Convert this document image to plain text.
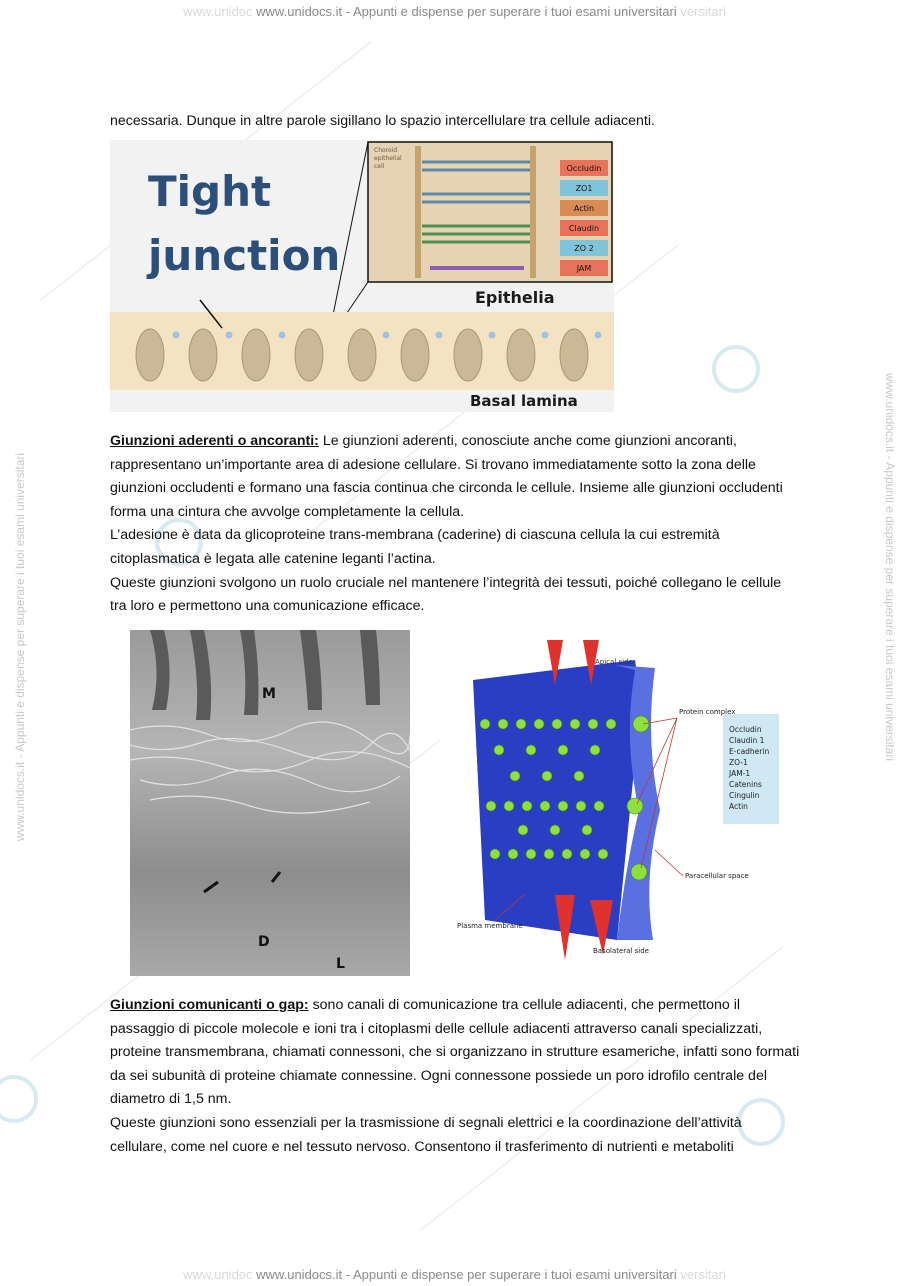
www.unidoc www.unidocs.it - Appunti e dispense per superare i tuoi esami universitari versitari
www.unidocs.it - Appunti e dispense per superare i tuoi esami universitari	www.unidocs.it - Appunti e dispense per superare i tuoi esami universitari

necessaria. Dunque in altre parole sigillano lo spazio intercellulare tra cellule adiacenti.

Tight
junction
Choroid
epithelial
cell	Occludin
ZO1
Actin
Claudin
ZO 2
JAM
Epithelia
Basal lamina

Giunzioni aderenti o ancoranti: Le giunzioni aderenti, conosciute anche come giunzioni ancoranti, rappresentano un’importante area di adesione cellulare. Si trovano immediatamente sotto la zona delle giunzioni occludenti e formano una fascia continua che circonda le cellule. Insieme alle giunzioni occludenti forma una cintura che avvolge completamente la cellula.

L’adesione è data da glicoproteine trans-membrana (caderine) di ciascuna cellula la cui estremità citoplasmatica è legata alle catenine leganti l’actina.

Queste giunzioni svolgono un ruolo cruciale nel mantenere l’integrità dei tessuti, poiché collegano le cellule tra loro e permettono una comunicazione efficace.

M
D
L
Apical side
Protein complex
Occludin
Claudin 1
E-cadherin
ZO-1
JAM-1
Catenins
Cingulin
Actin
Paracellular space
Plasma membrane
Basolateral side

Giunzioni comunicanti o gap: sono canali di comunicazione tra cellule adiacenti, che permettono il passaggio di piccole molecole e ioni tra i citoplasmi delle cellule adiacenti attraverso canali specializzati, proteine transmembrana, chiamati connessoni, che si organizzano in strutture esameriche, infatti sono formati da sei subunità di proteine chiamate connessine. Ogni connessone possiede un poro idrofilo centrale del diametro di 1,5 nm.

Queste giunzioni sono essenziali per la trasmissione di segnali elettrici e la coordinazione dell’attività cellulare, come nel cuore e nel tessuto nervoso. Consentono il trasferimento di nutrienti e metaboliti

www.unidoc www.unidocs.it - Appunti e dispense per superare i tuoi esami universitari versitari
